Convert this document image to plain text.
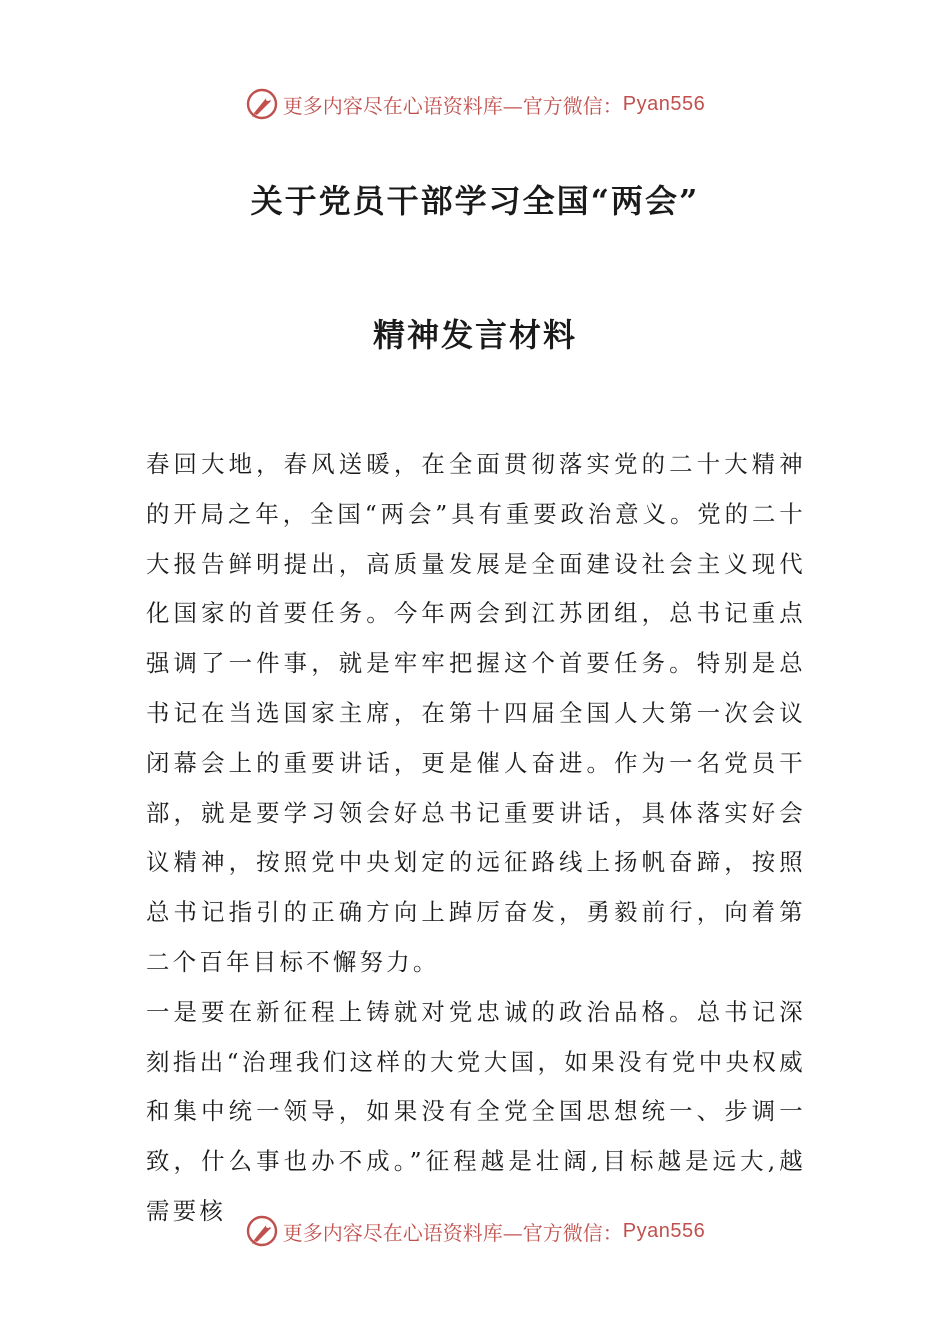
更多内容尽在心语资料库—官方微信： Pyan556
关于党员干部学习全国“两会”
精神发言材料

春回大地，春风送暖，在全面贯彻落实党的二十大精神的开局之年，全国“两会”具有重要政治意义。党的二十大报告鲜明提出，高质量发展是全面建设社会主义现代化国家的首要任务。今年两会到江苏团组，总书记重点强调了一件事，就是牢牢把握这个首要任务。特别是总书记在当选国家主席，在第十四届全国人大第一次会议闭幕会上的重要讲话，更是催人奋进。作为一名党员干部，就是要学习领会好总书记重要讲话，具体落实好会议精神，按照党中央划定的远征路线上扬帆奋蹄，按照总书记指引的正确方向上踔厉奋发，勇毅前行，向着第二个百年目标不懈努力。

一是要在新征程上铸就对党忠诚的政治品格。总书记深刻指出“治理我们这样的大党大国，如果没有党中央权威和集中统一领导，如果没有全党全国思想统一、步调一致，什么事也办不成。”征程越是壮阔,目标越是远大,越需要核

更多内容尽在心语资料库—官方微信： Pyan556
